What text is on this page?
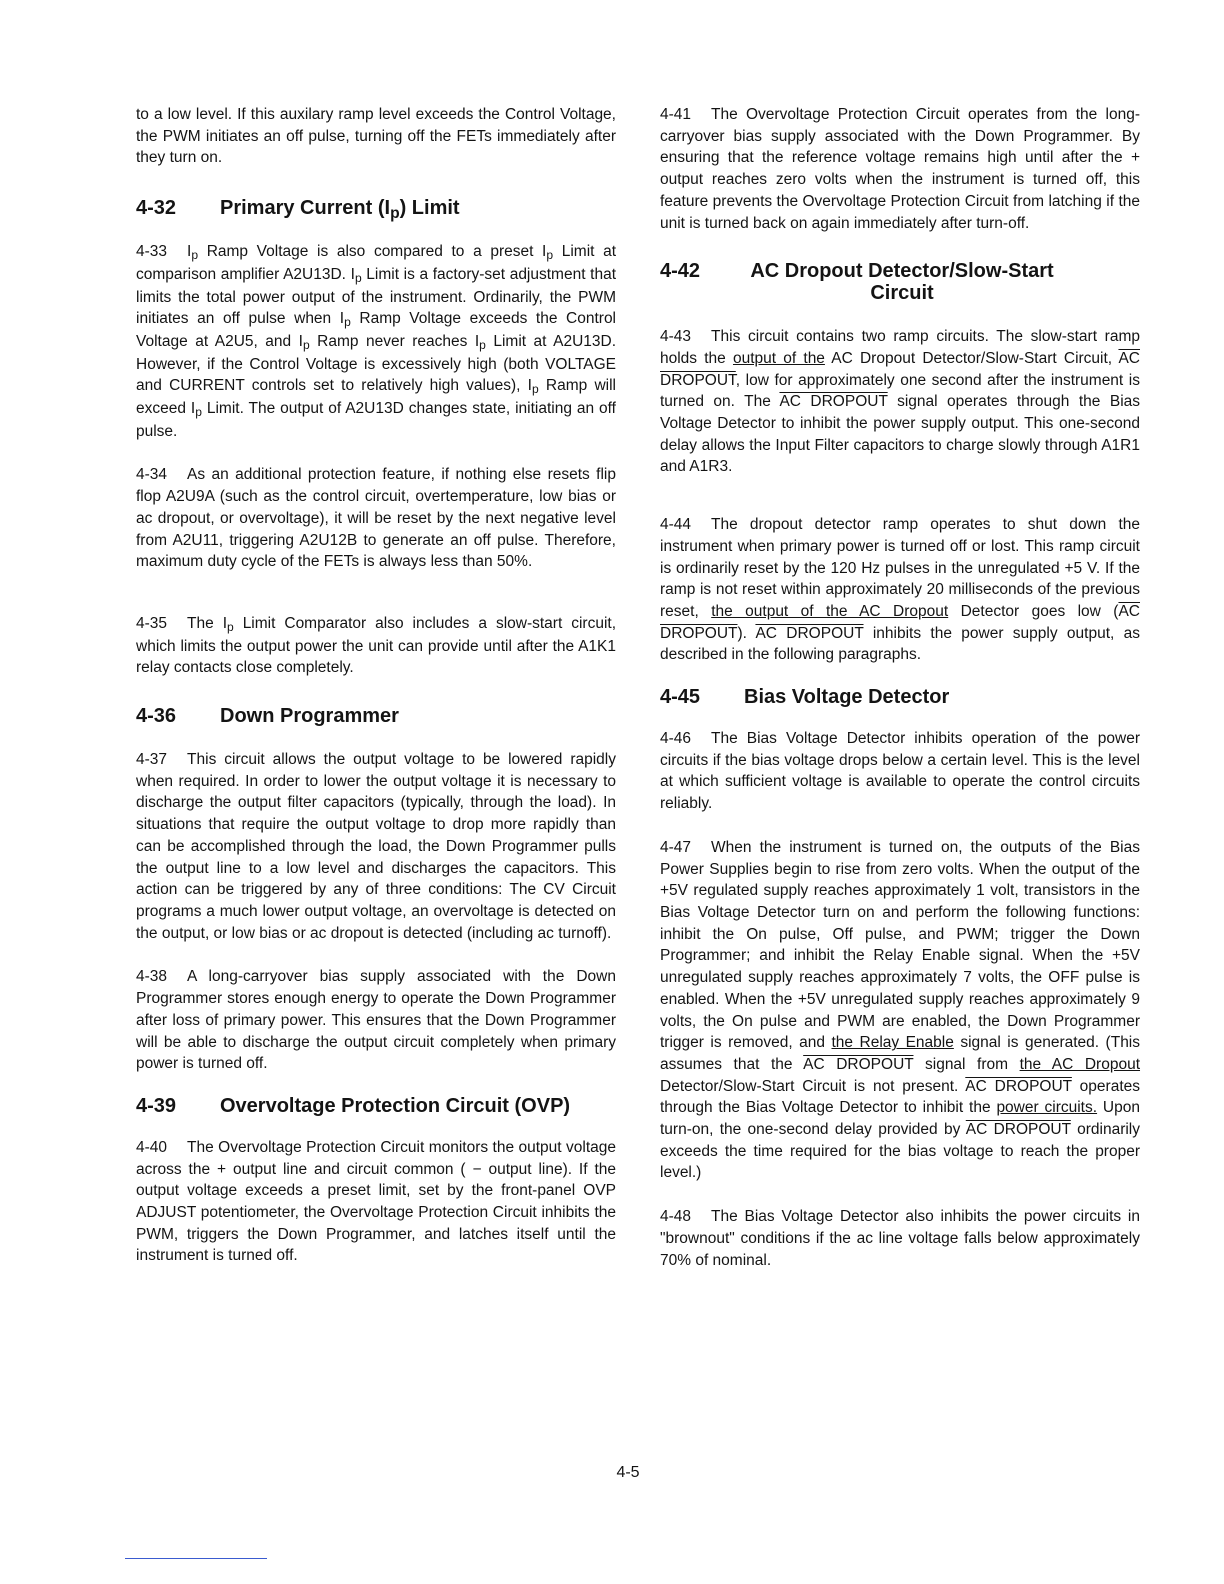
to a low level. If this auxilary ramp level exceeds the Control Voltage, the PWM initiates an off pulse, turning off the FETs immediately after they turn on.

4-32	Primary Current (Ip) Limit

4-33 Ip Ramp Voltage is also compared to a preset Ip Limit at comparison amplifier A2U13D. Ip Limit is a factory-set adjustment that limits the total power output of the instrument. Ordinarily, the PWM initiates an off pulse when Ip Ramp Voltage exceeds the Control Voltage at A2U5, and Ip Ramp never reaches Ip Limit at A2U13D. However, if the Control Voltage is excessively high (both VOLTAGE and CURRENT controls set to relatively high values), Ip Ramp will exceed Ip Limit. The output of A2U13D changes state, initiating an off pulse.

4-34 As an additional protection feature, if nothing else resets flip flop A2U9A (such as the control circuit, overtemperature, low bias or ac dropout, or overvoltage), it will be reset by the next negative level from A2U11, triggering A2U12B to generate an off pulse. Therefore, maximum duty cycle of the FETs is always less than 50%.

4-35 The Ip Limit Comparator also includes a slow-start circuit, which limits the output power the unit can provide until after the A1K1 relay contacts close completely.

4-36	Down Programmer

4-37 This circuit allows the output voltage to be lowered rapidly when required. In order to lower the output voltage it is necessary to discharge the output filter capacitors (typically, through the load). In situations that require the output voltage to drop more rapidly than can be accomplished through the load, the Down Programmer pulls the output line to a low level and discharges the capacitors. This action can be triggered by any of three conditions: The CV Circuit programs a much lower output voltage, an overvoltage is detected on the output, or low bias or ac dropout is detected (including ac turnoff).

4-38 A long-carryover bias supply associated with the Down Programmer stores enough energy to operate the Down Programmer after loss of primary power. This ensures that the Down Programmer will be able to discharge the output circuit completely when primary power is turned off.

4-39	Overvoltage Protection Circuit (OVP)

4-40 The Overvoltage Protection Circuit monitors the output voltage across the + output line and circuit common ( − output line). If the output voltage exceeds a preset limit, set by the front-panel OVP ADJUST potentiometer, the Overvoltage Protection Circuit inhibits the PWM, triggers the Down Programmer, and latches itself until the instrument is turned off.

4-41 The Overvoltage Protection Circuit operates from the long-carryover bias supply associated with the Down Programmer. By ensuring that the reference voltage remains high until after the + output reaches zero volts when the instrument is turned off, this feature prevents the Overvoltage Protection Circuit from latching if the unit is turned back on again immediately after turn-off.

4-42	AC Dropout Detector/Slow-Start Circuit

4-43 This circuit contains two ramp circuits. The slow-start ramp holds the output of the AC Dropout Detector/Slow-Start Circuit, AC DROPOUT, low for approximately one second after the instrument is turned on. The AC DROPOUT signal operates through the Bias Voltage Detector to inhibit the power supply output. This one-second delay allows the Input Filter capacitors to charge slowly through A1R1 and A1R3.

4-44 The dropout detector ramp operates to shut down the instrument when primary power is turned off or lost. This ramp circuit is ordinarily reset by the 120 Hz pulses in the unregulated +5 V. If the ramp is not reset within approximately 20 milliseconds of the previous reset, the output of the AC Dropout Detector goes low (AC DROPOUT). AC DROPOUT inhibits the power supply output, as described in the following paragraphs.

4-45	Bias Voltage Detector

4-46 The Bias Voltage Detector inhibits operation of the power circuits if the bias voltage drops below a certain level. This is the level at which sufficient voltage is available to operate the control circuits reliably.

4-47 When the instrument is turned on, the outputs of the Bias Power Supplies begin to rise from zero volts. When the output of the +5V regulated supply reaches approximately 1 volt, transistors in the Bias Voltage Detector turn on and perform the following functions: inhibit the On pulse, Off pulse, and PWM; trigger the Down Programmer; and inhibit the Relay Enable signal. When the +5V unregulated supply reaches approximately 7 volts, the OFF pulse is enabled. When the +5V unregulated supply reaches approximately 9 volts, the On pulse and PWM are enabled, the Down Programmer trigger is removed, and the Relay Enable signal is generated. (This assumes that the AC DROPOUT signal from the AC Dropout Detector/Slow-Start Circuit is not present. AC DROPOUT operates through the Bias Voltage Detector to inhibit the power circuits. Upon turn-on, the one-second delay provided by AC DROPOUT ordinarily exceeds the time required for the bias voltage to reach the proper level.)

4-48 The Bias Voltage Detector also inhibits the power circuits in "brownout" conditions if the ac line voltage falls below approximately 70% of nominal.

4-5
